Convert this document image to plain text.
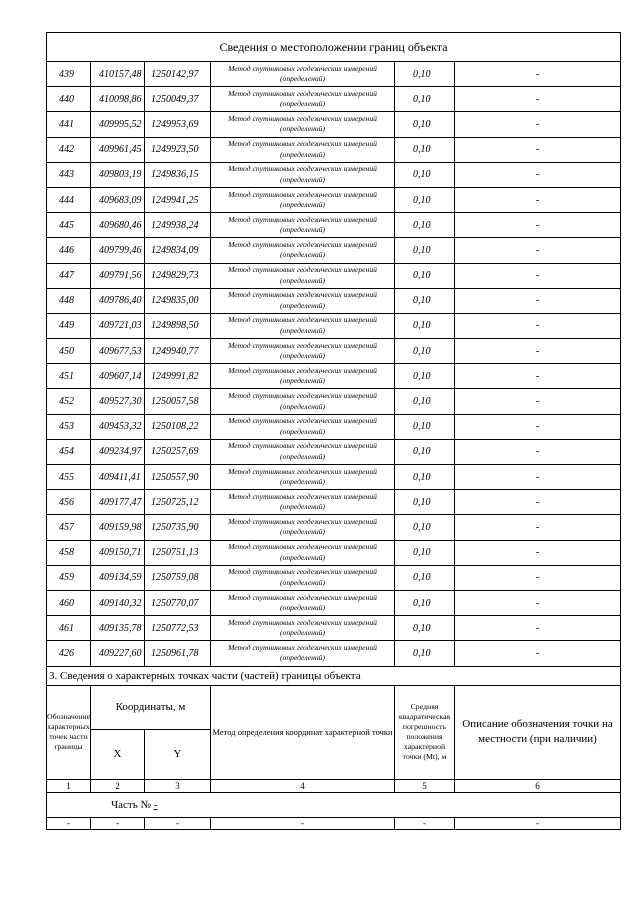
Сведения о местоположении границ объекта					
439	410157,48	1250142,97	Метод спутниковых геодезических измерений (определений)	0,10	-
440	410098,86	1250049,37	Метод спутниковых геодезических измерений (определений)	0,10	-
441	409995,52	1249953,69	Метод спутниковых геодезических измерений (определений)	0,10	-
442	409961,45	1249923,50	Метод спутниковых геодезических измерений (определений)	0,10	-
443	409803,19	1249836,15	Метод спутниковых геодезических измерений (определений)	0,10	-
444	409683,09	1249941,25	Метод спутниковых геодезических измерений (определений)	0,10	-
445	409680,46	1249938,24	Метод спутниковых геодезических измерений (определений)	0,10	-
446	409799,46	1249834,09	Метод спутниковых геодезических измерений (определений)	0,10	-
447	409791,56	1249829,73	Метод спутниковых геодезических измерений (определений)	0,10	-
448	409786,40	1249835,00	Метод спутниковых геодезических измерений (определений)	0,10	-
449	409721,03	1249898,50	Метод спутниковых геодезических измерений (определений)	0,10	-
450	409677,53	1249940,77	Метод спутниковых геодезических измерений (определений)	0,10	-
451	409607,14	1249991,82	Метод спутниковых геодезических измерений (определений)	0,10	-
452	409527,30	1250057,58	Метод спутниковых геодезических измерений (определений)	0,10	-
453	409453,32	1250108,22	Метод спутниковых геодезических измерений (определений)	0,10	-
454	409234,97	1250257,69	Метод спутниковых геодезических измерений (определений)	0,10	-
455	409411,41	1250557,90	Метод спутниковых геодезических измерений (определений)	0,10	-
456	409177,47	1250725,12	Метод спутниковых геодезических измерений (определений)	0,10	-
457	409159,98	1250735,90	Метод спутниковых геодезических измерений (определений)	0,10	-
458	409150,71	1250751,13	Метод спутниковых геодезических измерений (определений)	0,10	-
459	409134,59	1250759,08	Метод спутниковых геодезических измерений (определений)	0,10	-
460	409140,32	1250770,07	Метод спутниковых геодезических измерений (определений)	0,10	-
461	409135,78	1250772,53	Метод спутниковых геодезических измерений (определений)	0,10	-
426	409227,60	1250961,78	Метод спутниковых геодезических измерений (определений)	0,10	-
3. Сведения о характерных точках части (частей) границы объекта					
Обозначение характерных точек части границы	Координаты, м		Метод определения координат характерной точки	Средняя квадратическая погрешность положения характерной точки (Mt), м	Описание обозначения точки на местности (при наличии)
	X	Y			
1	2	3	4	5	6
Часть № -					
-	-	-	-	-	-
